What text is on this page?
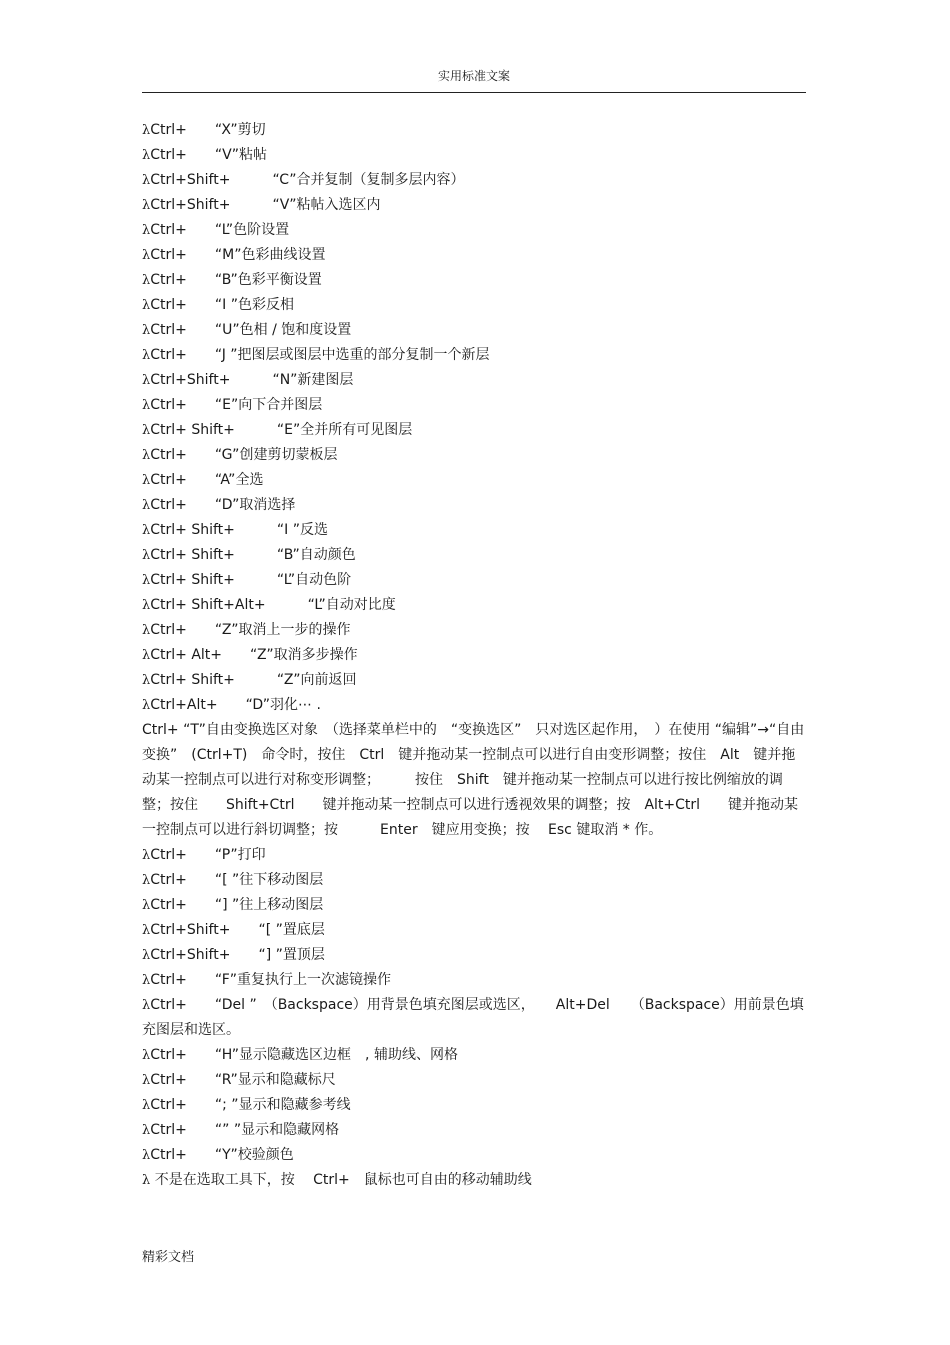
实用标准文案
λCtrl+　　“X”剪切
λCtrl+　　“V”粘帖
λCtrl+Shift+　　　“C”合并复制（复制多层内容）
λCtrl+Shift+　　　“V”粘帖入选区内
λCtrl+　　“L”色阶设置
λCtrl+　　“M”色彩曲线设置
λCtrl+　　“B”色彩平衡设置
λCtrl+　　“I ”色彩反相
λCtrl+　　“U”色相 / 饱和度设置
λCtrl+　　“J ”把图层或图层中选重的部分复制一个新层
λCtrl+Shift+　　　“N”新建图层
λCtrl+　　“E”向下合并图层
λCtrl+ Shift+　　　“E”全并所有可见图层
λCtrl+　　“G”创建剪切蒙板层
λCtrl+　　“A”全选
λCtrl+　　“D”取消选择
λCtrl+ Shift+　　　“I ”反选
λCtrl+ Shift+　　　“B”自动颜色
λCtrl+ Shift+　　　“L”自动色阶
λCtrl+ Shift+Alt+　　　“L”自动对比度
λCtrl+　　“Z”取消上一步的操作
λCtrl+ Alt+　　“Z”取消多步操作
λCtrl+ Shift+　　　“Z”向前返回
λCtrl+Alt+　　“D”羽化⋯ .
Ctrl+ “T”自由变换选区对象　（选择菜单栏中的　“变换选区”　只对选区起作用，　）在使用 “编辑”→“自由变换”　(Ctrl+T)　命令时，按住　Ctrl　键并拖动某一控制点可以进行自由变形调整；按住　Alt　键并拖动某一控制点可以进行对称变形调整；　　　按住　Shift　键并拖动某一控制点可以进行按比例缩放的调整；按住　　Shift+Ctrl　　键并拖动某一控制点可以进行透视效果的调整；按　Alt+Ctrl　　键并拖动某一控制点可以进行斜切调整；按　　　Enter　键应用变换；按　 Esc 键取消 * 作。
λCtrl+　　“P”打印
λCtrl+　　“[ ”往下移动图层
λCtrl+　　“] ”往上移动图层
λCtrl+Shift+　　“[ ”置底层
λCtrl+Shift+　　“] ”置顶层
λCtrl+　　“F”重复执行上一次滤镜操作
λCtrl+　　“Del ”　（Backspace）用背景色填充图层或选区，　　Alt+Del　　（Backspace）用前景色填充图层和选区。
λCtrl+　　“H”显示隐藏选区边框　, 辅助线、网格
λCtrl+　　“R”显示和隐藏标尺
λCtrl+　　“; ”显示和隐藏参考线
λCtrl+　　“” ”显示和隐藏网格
λCtrl+　　“Y”校验颜色
λ 不是在选取工具下，按　 Ctrl+　鼠标也可自由的移动辅助线
精彩文档
